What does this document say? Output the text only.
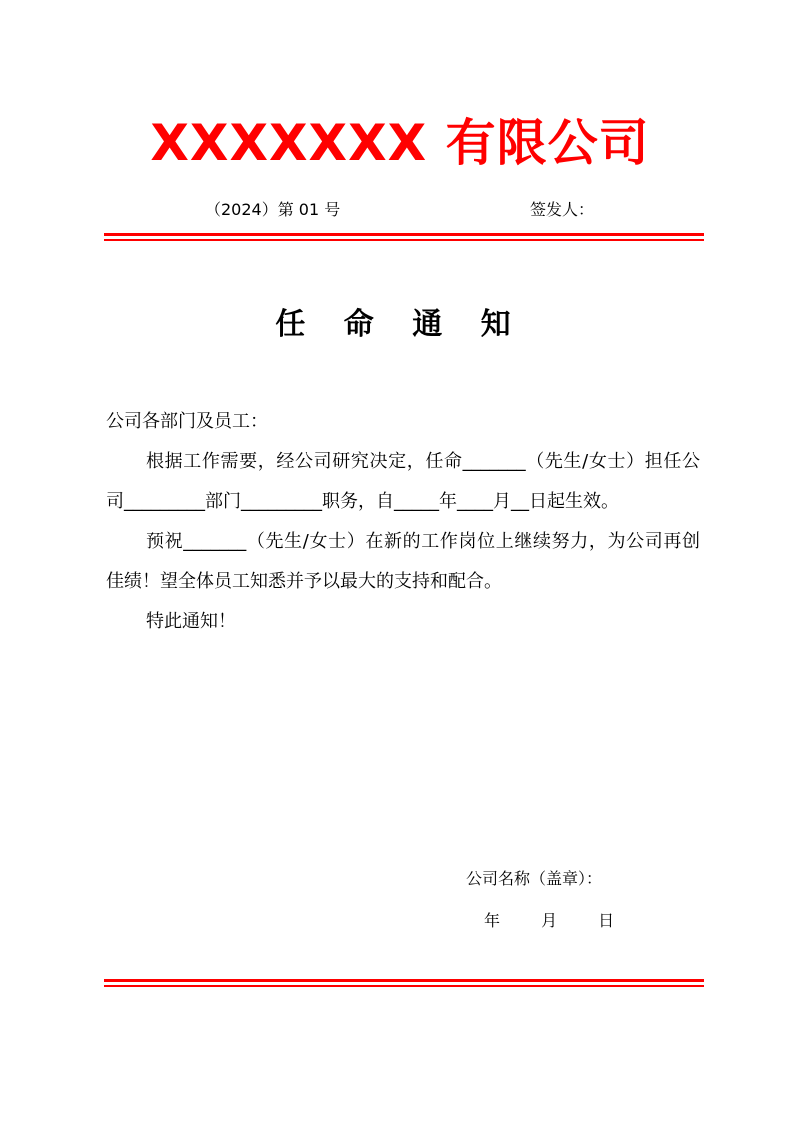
XXXXXXX 有限公司
（2024）第 01 号	签发人：
任 命 通 知

公司各部门及员工：

根据工作需要，经公司研究决定，任命_______（先生/女士）担任公司_________部门_________职务，自_____年____月__日起生效。

预祝_______（先生/女士）在新的工作岗位上继续努力，为公司再创佳绩！望全体员工知悉并予以最大的支持和配合。

特此通知！

公司名称（盖章）：
年 月 日
